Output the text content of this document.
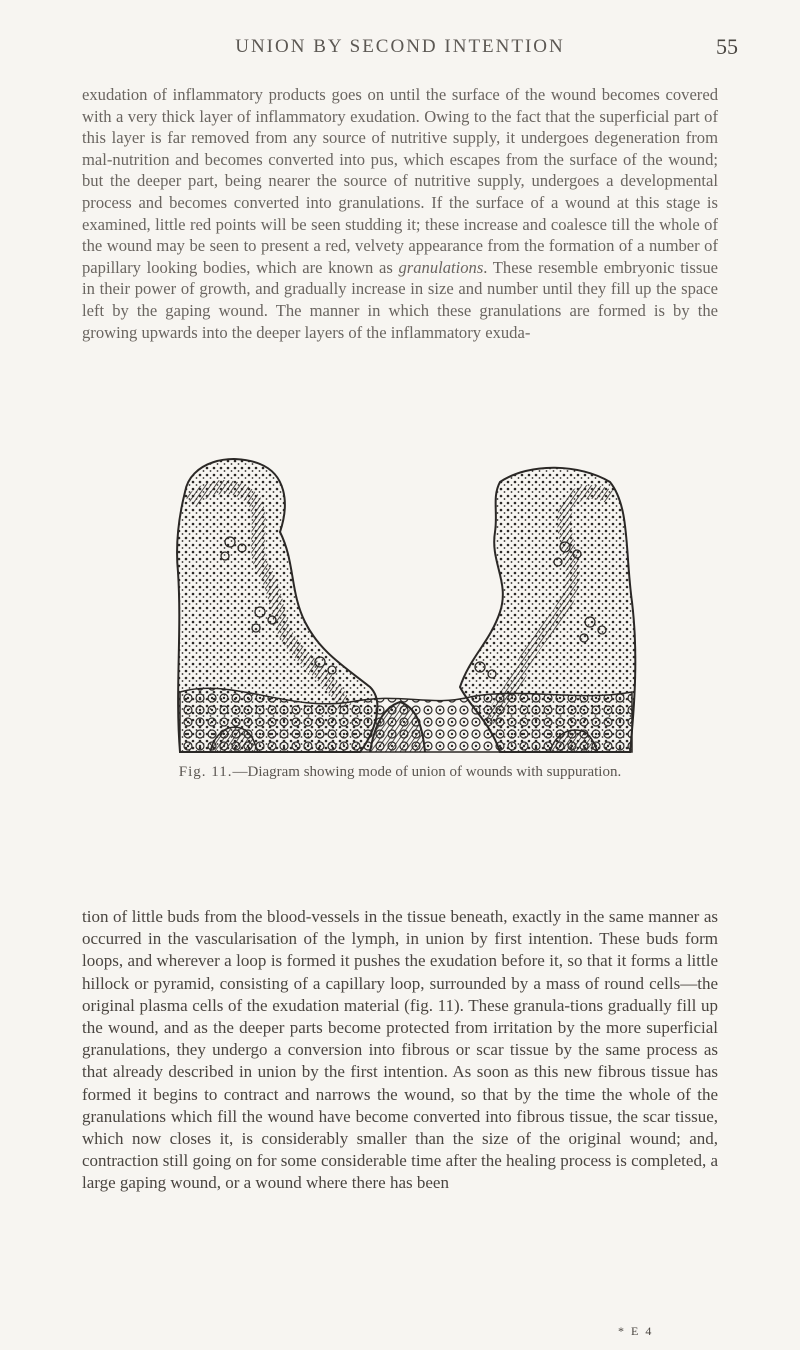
UNION BY SECOND INTENTION	55

exudation of inflammatory products goes on until the surface of the wound becomes covered with a very thick layer of inflammatory exudation. Owing to the fact that the superficial part of this layer is far removed from any source of nutritive supply, it undergoes degeneration from mal-nutrition and becomes converted into pus, which escapes from the surface of the wound; but the deeper part, being nearer the source of nutritive supply, undergoes a developmental process and becomes converted into granulations. If the surface of a wound at this stage is examined, little red points will be seen studding it; these increase and coalesce till the whole of the wound may be seen to present a red, velvety appearance from the formation of a number of papillary looking bodies, which are known as granulations. These resemble embryonic tissue in their power of growth, and gradually increase in size and number until they fill up the space left by the gaping wound. The manner in which these granulations are formed is by the growing upwards into the deeper layers of the inflammatory exuda-

Fig. 11.—Diagram showing mode of union of wounds with suppuration.

tion of little buds from the blood-vessels in the tissue beneath, exactly in the same manner as occurred in the vascularisation of the lymph, in union by first intention. These buds form loops, and wherever a loop is formed it pushes the exudation before it, so that it forms a little hillock or pyramid, consisting of a capillary loop, surrounded by a mass of round cells—the original plasma cells of the exudation material (fig. 11). These granula-tions gradually fill up the wound, and as the deeper parts become protected from irritation by the more superficial granulations, they undergo a conversion into fibrous or scar tissue by the same process as that already described in union by the first intention. As soon as this new fibrous tissue has formed it begins to contract and narrows the wound, so that by the time the whole of the granulations which fill the wound have become converted into fibrous tissue, the scar tissue, which now closes it, is considerably smaller than the size of the original wound; and, contraction still going on for some considerable time after the healing process is completed, a large gaping wound, or a wound where there has been

* E 4
